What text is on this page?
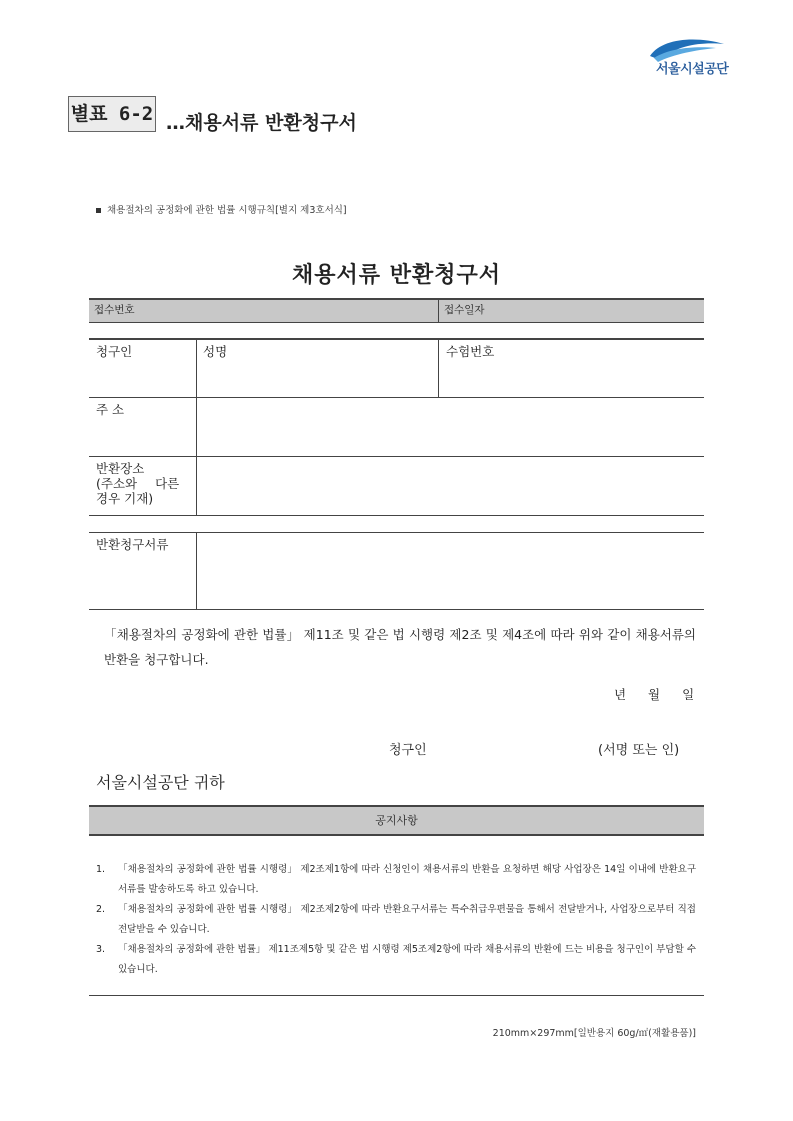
서울시설공단
별표 6-2 …채용서류 반환청구서
채용절차의 공정화에 관한 법률 시행규칙[별지 제3호서식]
채용서류 반환청구서
접수번호	접수일자
청구인	성명	수험번호
주 소
반환장소
(주소와 다른
경우 기재)
반환청구서류
「채용절차의 공정화에 관한 법률」 제11조 및 같은 법 시행령 제2조 및 제4조에 따라 위와 같이 채용서류의 반환을 청구합니다.
년 월 일
청구인	(서명 또는 인)
서울시설공단 귀하
공지사항
1.	「채용절차의 공정화에 관한 법률 시행령」 제2조제1항에 따라 신청인이 채용서류의 반환을 요청하면 해당 사업장은 14일 이내에 반환요구서류를 발송하도록 하고 있습니다.
2.	「채용절차의 공정화에 관한 법률 시행령」 제2조제2항에 따라 반환요구서류는 특수취급우편물을 통해서 전달받거나, 사업장으로부터 직접 전달받을 수 있습니다.
3.	「채용절차의 공정화에 관한 법률」 제11조제5항 및 같은 법 시행령 제5조제2항에 따라 채용서류의 반환에 드는 비용을 청구인이 부담할 수 있습니다.
210mm×297mm[일반용지 60g/㎡(재활용품)]
